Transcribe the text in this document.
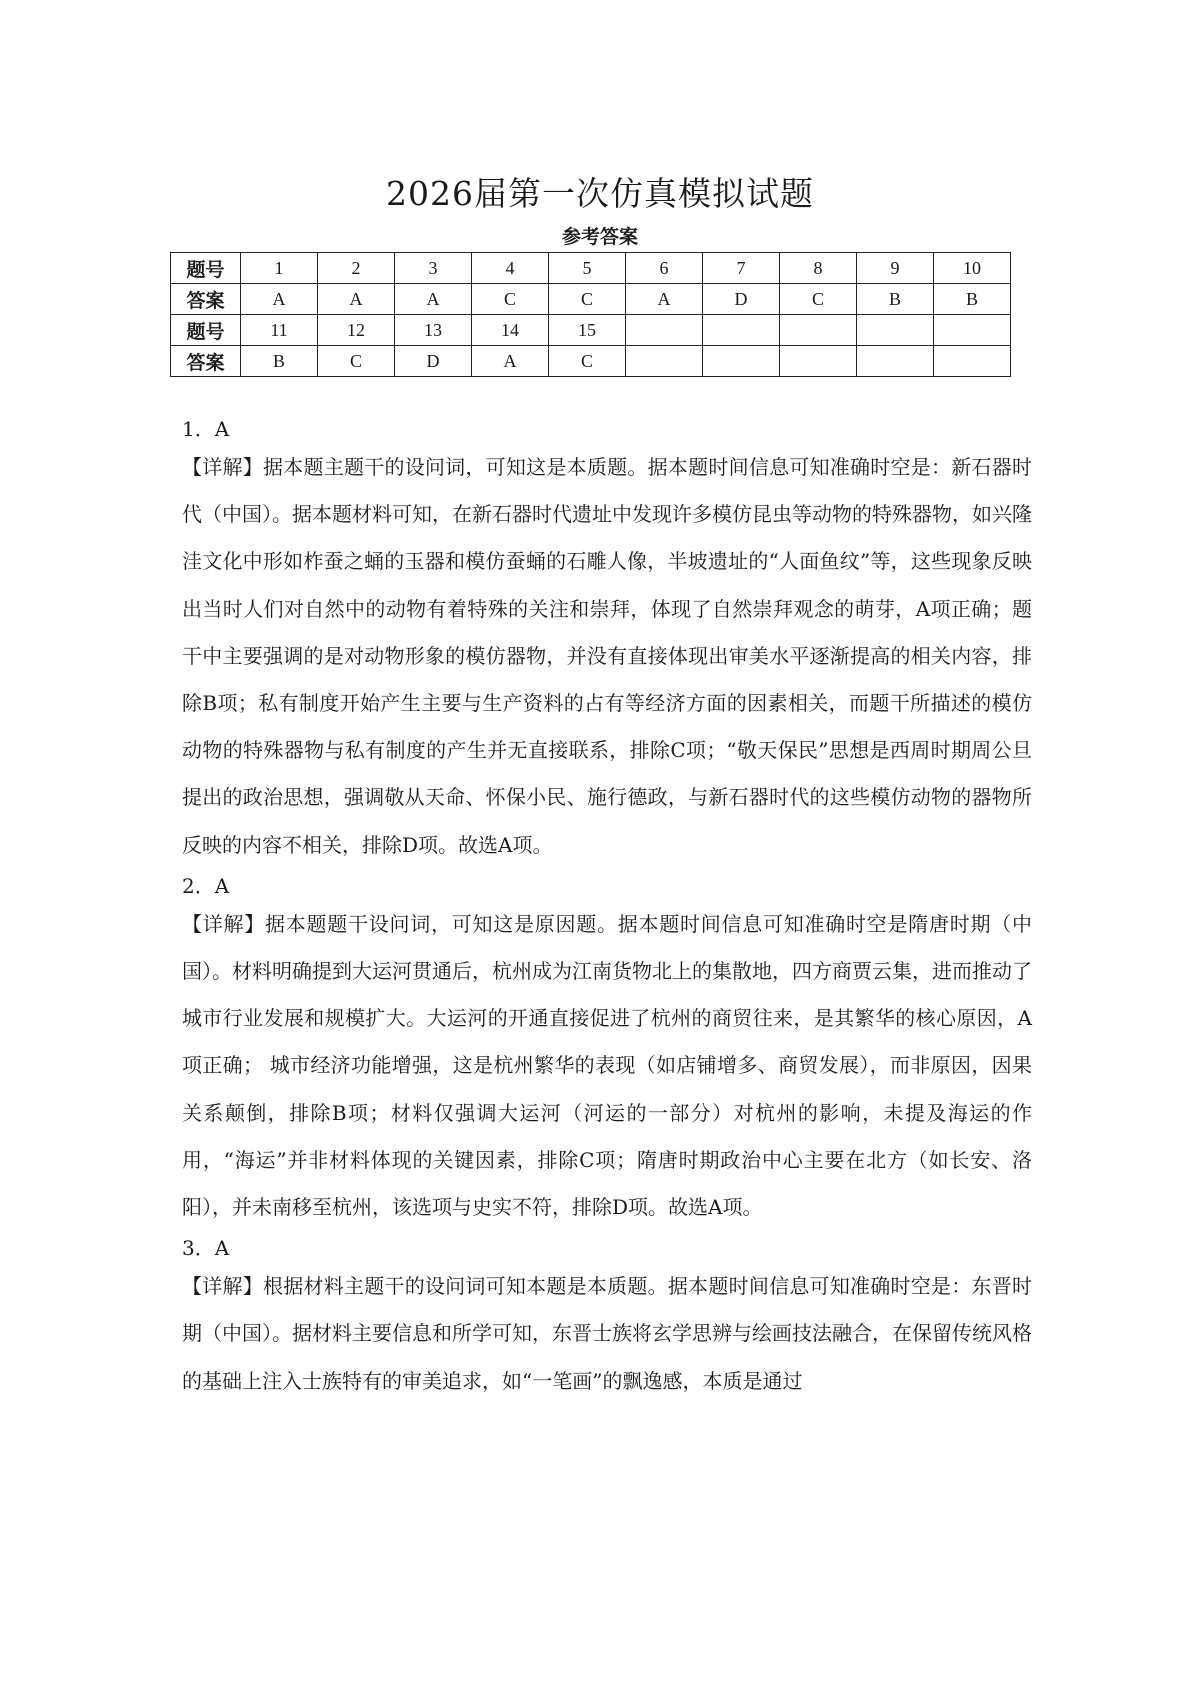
2026届第一次仿真模拟试题
参考答案
题号	1	2	3	4	5	6	7	8	9	10
答案	A	A	A	C	C	A	D	C	B	B
题号	11	12	13	14	15					
答案	B	C	D	A	C					
1．A

【详解】据本题主题干的设问词，可知这是本质题。据本题时间信息可知准确时空是：新石器时代（中国）。据本题材料可知，在新石器时代遗址中发现许多模仿昆虫等动物的特殊器物，如兴隆洼文化中形如柞蚕之蛹的玉器和模仿蚕蛹的石雕人像，半坡遗址的“人面鱼纹”等，这些现象反映出当时人们对自然中的动物有着特殊的关注和崇拜，体现了自然崇拜观念的萌芽，A项正确；题干中主要强调的是对动物形象的模仿器物，并没有直接体现出审美水平逐渐提高的相关内容，排除B项；私有制度开始产生主要与生产资料的占有等经济方面的因素相关，而题干所描述的模仿动物的特殊器物与私有制度的产生并无直接联系，排除C项；“敬天保民”思想是西周时期周公旦提出的政治思想，强调敬从天命、怀保小民、施行德政，与新石器时代的这些模仿动物的器物所反映的内容不相关，排除D项。故选A项。

2．A

【详解】据本题题干设问词，可知这是原因题。据本题时间信息可知准确时空是隋唐时期（中国）。材料明确提到大运河贯通后，杭州成为江南货物北上的集散地，四方商贾云集，进而推动了城市行业发展和规模扩大。大运河的开通直接促进了杭州的商贸往来，是其繁华的核心原因，A项正确； 城市经济功能增强，这是杭州繁华的表现（如店铺增多、商贸发展），而非原因，因果关系颠倒，排除B项；材料仅强调大运河（河运的一部分）对杭州的影响，未提及海运的作用，“海运”并非材料体现的关键因素，排除C项；隋唐时期政治中心主要在北方（如长安、洛阳），并未南移至杭州，该选项与史实不符，排除D项。故选A项。

3．A

【详解】根据材料主题干的设问词可知本题是本质题。据本题时间信息可知准确时空是：东晋时期（中国）。据材料主要信息和所学可知，东晋士族将玄学思辨与绘画技法融合，在保留传统风格的基础上注入士族特有的审美追求，如“一笔画”的飘逸感，本质是通过
